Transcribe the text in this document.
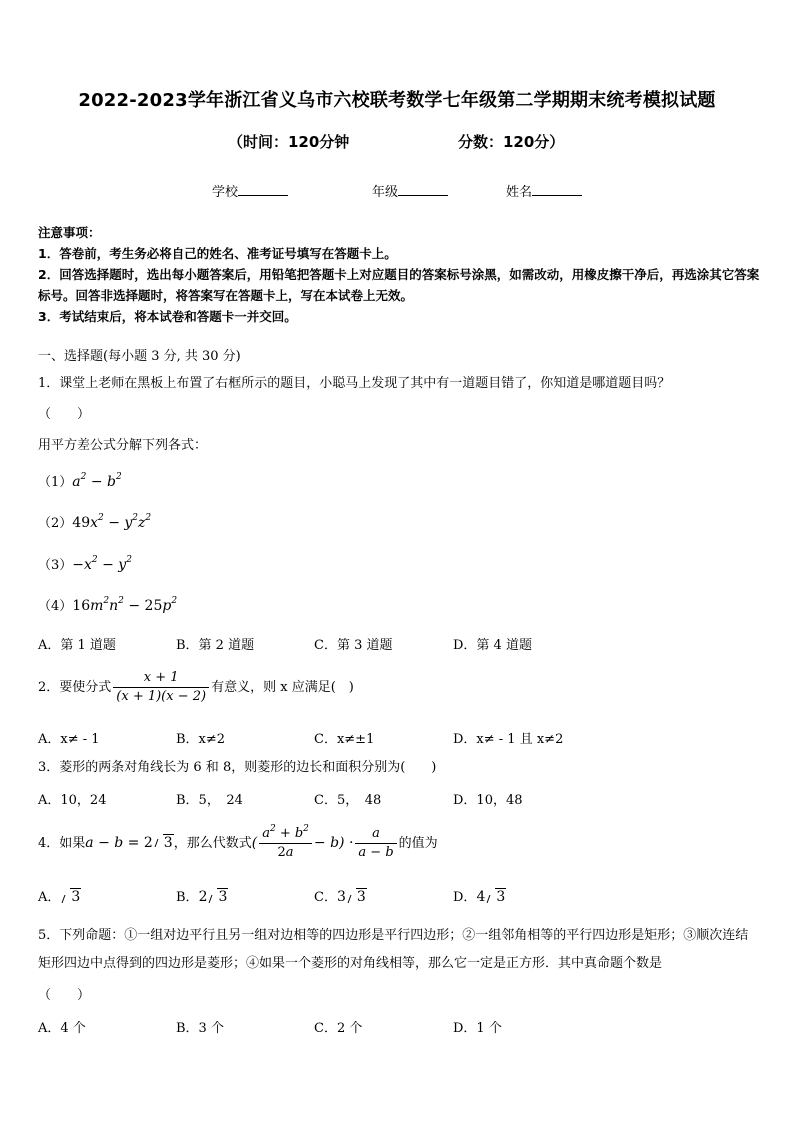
2022-2023学年浙江省义乌市六校联考数学七年级第二学期期末统考模拟试题
（时间：120分钟	分数：120分）
学校	年级	姓名
注意事项：
1．答卷前，考生务必将自己的姓名、准考证号填写在答题卡上。
2．回答选择题时，选出每小题答案后，用铅笔把答题卡上对应题目的答案标号涂黑，如需改动，用橡皮擦干净后，再选涂其它答案标号。回答非选择题时，将答案写在答题卡上，写在本试卷上无效。
3．考试结束后，将本试卷和答题卡一并交回。
一、选择题(每小题 3 分, 共 30 分)
1．课堂上老师在黑板上布置了右框所示的题目，小聪马上发现了其中有一道题目错了，你知道是哪道题目吗？
（　　）
用平方差公式分解下列各式：
$(1)a^2 - b^2$
$(2)49x^2 - y^2z^2$
$(3)-x^2 - y^2$
$(4)16m^2n^2 - 25p^2$
A．第 1 道题	B．第 2 道题	C．第 3 道题	D．第 4 道题
2．要使分式 $\frac{x + 1}{(x + 1)(x - 2)}$ 有意义，则 x 应满足(　)
A．x≠ - 1	B．x≠2	C．x≠±1	D．x≠ - 1 且 x≠2
3．菱形的两条对角线长为 6 和 8，则菱形的边长和面积分别为(　　)
A．10，24	B．5，　24	C．5，　48	D．10，48
4．如果a − b = 2 3，那么代数式( $\frac{a^2 + b^2}{2a} - b) \cdot \frac{a}{a - b}$ 的值为
A． 3	B．2 3	C．3 3	D．4 3
5．下列命题：①一组对边平行且另一组对边相等的四边形是平行四边形；②一组邻角相等的平行四边形是矩形；③顺次连结矩形四边中点得到的四边形是菱形；④如果一个菱形的对角线相等，那么它一定是正方形．其中真命题个数是
（　　）
A．4 个	B．3 个	C．2 个	D．1 个
